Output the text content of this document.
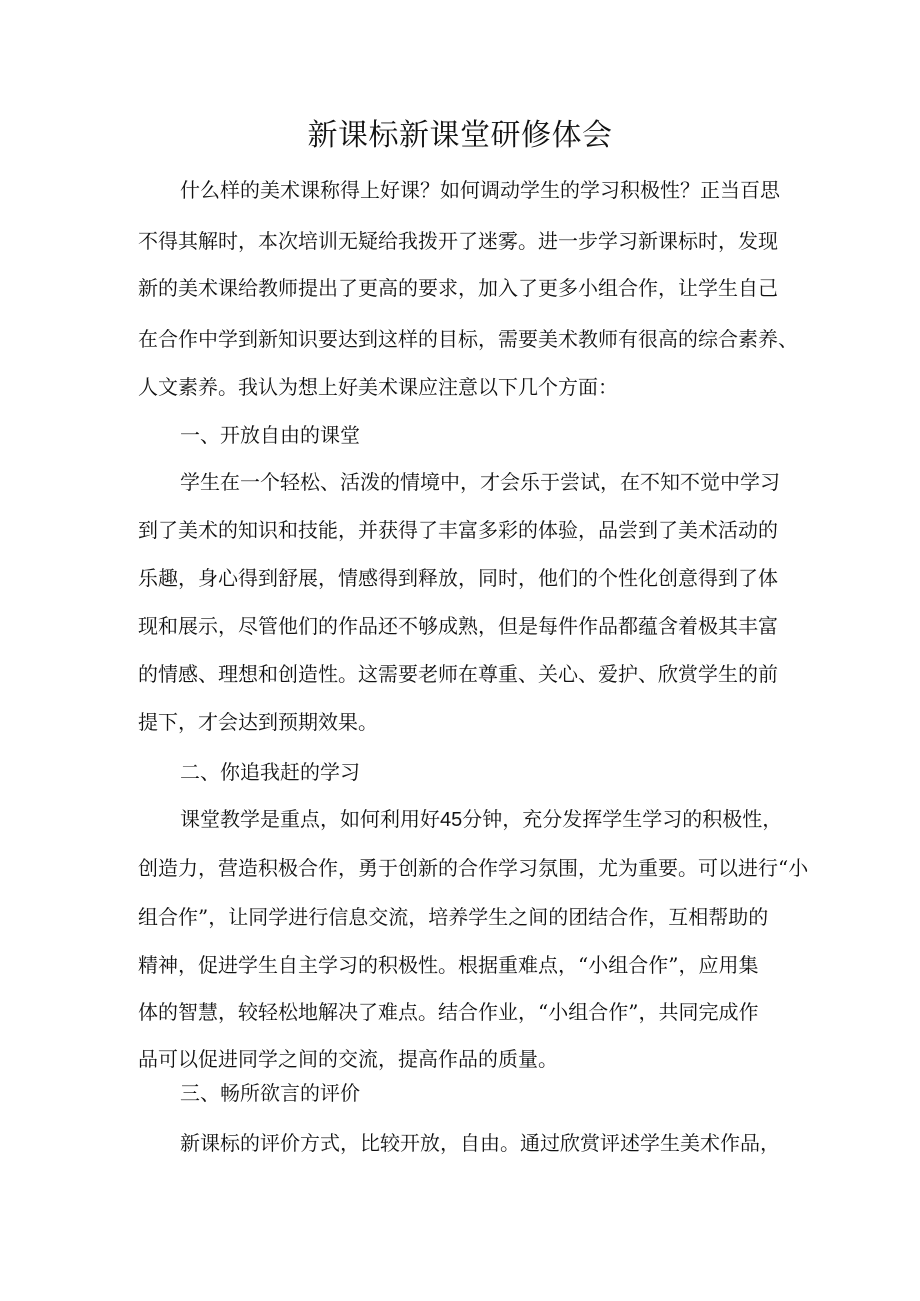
新课标新课堂研修体会
什么样的美术课称得上好课？如何调动学生的学习积极性？正当百思
不得其解时，本次培训无疑给我拨开了迷雾。进一步学习新课标时，发现
新的美术课给教师提出了更高的要求，加入了更多小组合作，让学生自己
在合作中学到新知识要达到这样的目标，需要美术教师有很高的综合素养、
人文素养。我认为想上好美术课应注意以下几个方面：
一、开放自由的课堂
学生在一个轻松、活泼的情境中，才会乐于尝试，在不知不觉中学习
到了美术的知识和技能，并获得了丰富多彩的体验，品尝到了美术活动的
乐趣，身心得到舒展，情感得到释放，同时，他们的个性化创意得到了体
现和展示，尽管他们的作品还不够成熟，但是每件作品都蕴含着极其丰富
的情感、理想和创造性。这需要老师在尊重、关心、爱护、欣赏学生的前
提下，才会达到预期效果。
二、你追我赶的学习
课堂教学是重点，如何利用好45分钟，充分发挥学生学习的积极性，
创造力，营造积极合作，勇于创新的合作学习氛围，尤为重要。可以进行“小
组合作”，让同学进行信息交流，培养学生之间的团结合作，互相帮助的
精神，促进学生自主学习的积极性。根据重难点，“小组合作”，应用集
体的智慧，较轻松地解决了难点。结合作业，“小组合作”，共同完成作
品可以促进同学之间的交流，提高作品的质量。
三、畅所欲言的评价
新课标的评价方式，比较开放，自由。通过欣赏评述学生美术作品，
